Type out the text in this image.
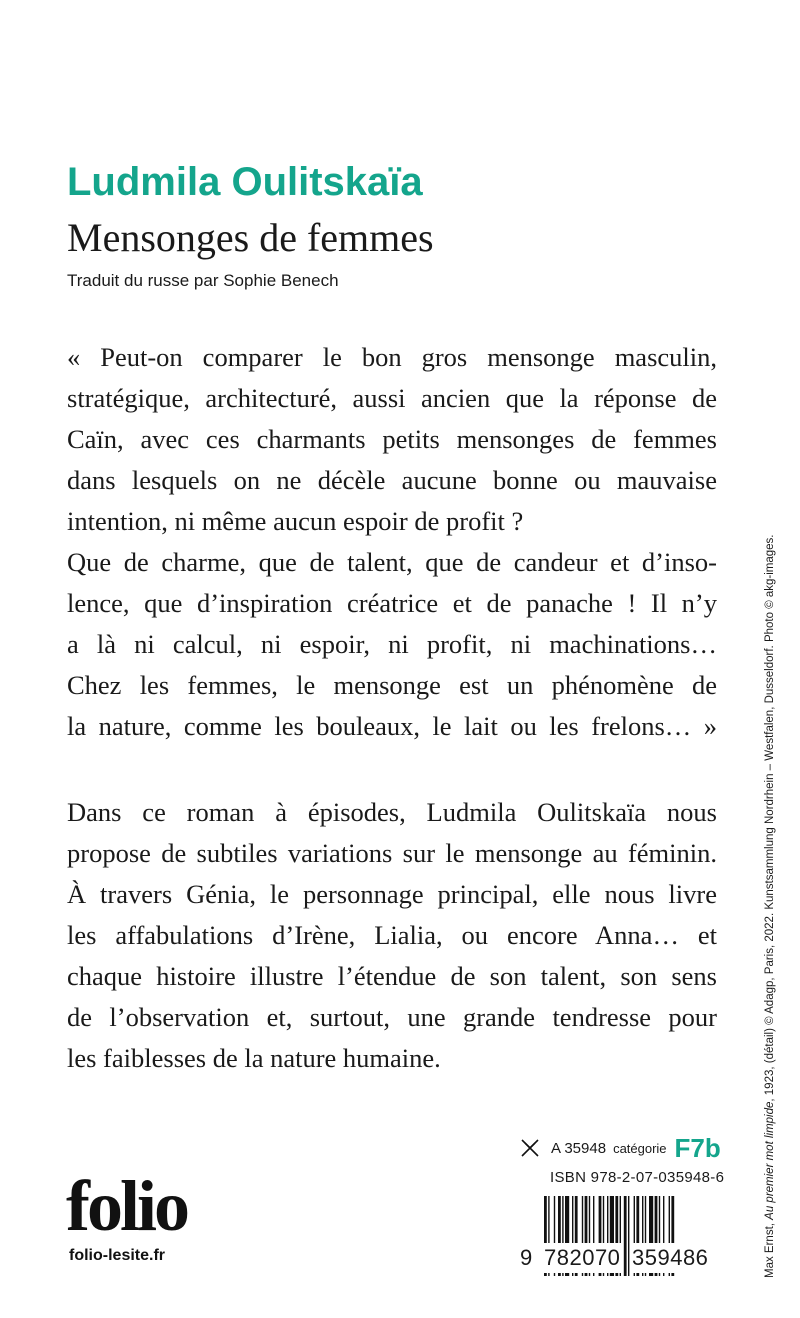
Ludmila Oulitskaïa
Mensonges de femmes
Traduit du russe par Sophie Benech
« Peut-on comparer le bon gros mensonge masculin,
stratégique, architecturé, aussi ancien que la réponse de
Caïn, avec ces charmants petits mensonges de femmes
dans lesquels on ne décèle aucune bonne ou mauvaise
intention, ni même aucun espoir de profit ?
Que de charme, que de talent, que de candeur et d’inso-
lence, que d’inspiration créatrice et de panache ! Il n’y
a là ni calcul, ni espoir, ni profit, ni machinations…
Chez les femmes, le mensonge est un phénomène de
la nature, comme les bouleaux, le lait ou les frelons… »
Dans ce roman à épisodes, Ludmila Oulitskaïa nous
propose de subtiles variations sur le mensonge au féminin.
À travers Génia, le personnage principal, elle nous livre
les affabulations d’Irène, Lialia, ou encore Anna… et
chaque histoire illustre l’étendue de son talent, son sens
de l’observation et, surtout, une grande tendresse pour
les faiblesses de la nature humaine.
Max Ernst, Au premier mot limpide, 1923, (détail) © Adagp, Paris, 2022. Kunstsammlung Nordrhein – Westfalen, Dusseldorf. Photo © akg-images.
folio
folio-lesite.fr
A 35948 catégorie F7b
ISBN 978-2-07-035948-6
9 782070 359486
